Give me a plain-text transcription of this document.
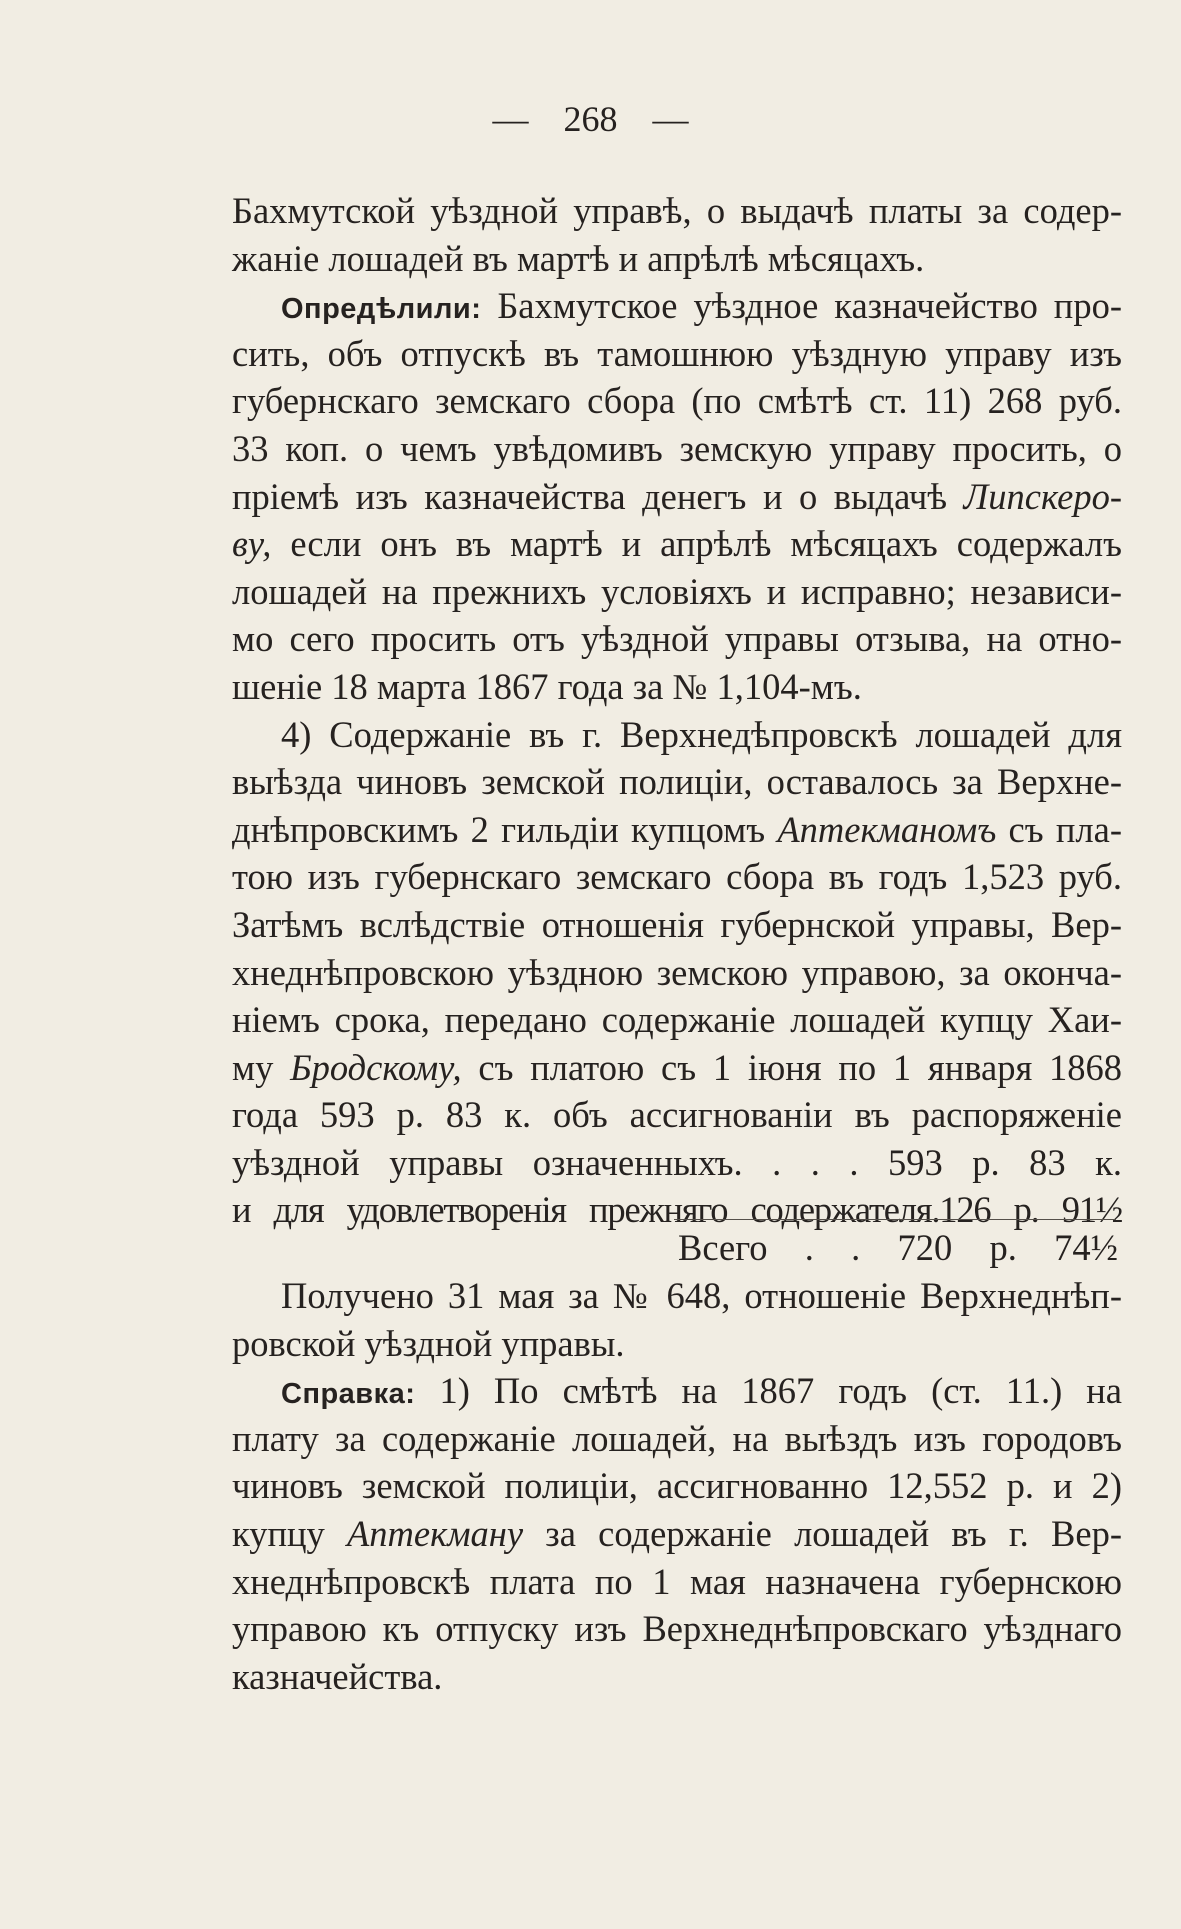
— 268 —

Бахмутской уѣздной управѣ, о выдачѣ платы за содер-
жаніе лошадей въ мартѣ и апрѣлѣ мѣсяцахъ.

Опредѣлили: Бахмутское уѣздное казначейство про-
сить, объ отпускѣ въ тамошнюю уѣздную управу изъ
губернскаго земскаго сбора (по смѣтѣ ст. 11) 268 руб.
33 коп. о чемъ увѣдомивъ земскую управу просить, о
пріемѣ изъ казначейства денегъ и о выдачѣ Липскеро-
ву, если онъ въ мартѣ и апрѣлѣ мѣсяцахъ содержалъ
лошадей на прежнихъ условіяхъ и исправно; независи-
мо сего просить отъ уѣздной управы отзыва, на отно-
шеніе 18 марта 1867 года за № 1,104-мъ.

4) Содержаніе въ г. Верхнедѣпровскѣ лошадей для
выѣзда чиновъ земской полиціи, оставалось за Верхне-
днѣпровскимъ 2 гильдіи купцомъ Аптекманомъ съ пла-
тою изъ губернскаго земскаго сбора въ годъ 1,523 руб.
Затѣмъ вслѣдствіе отношенія губернской управы, Вер-
хнеднѣпровскою уѣздною земскою управою, за оконча-
ніемъ срока, передано содержаніе лошадей купцу Хаи-
му Бродскому, съ платою съ 1 іюня по 1 января 1868
года 593 р. 83 к. объ ассигнованіи въ распоряженіе
уѣздной управы означенныхъ. . . . 593 р. 83 к.
и для удовлетворенія прежняго содержателя.126 р. 91½

Всего . . 720 р. 74½

Получено 31 мая за № 648, отношеніе Верхнеднѣп-
ровской уѣздной управы.

Справка: 1) По смѣтѣ на 1867 годъ (ст. 11.) на
плату за содержаніе лошадей, на выѣздъ изъ городовъ
чиновъ земской полиціи, ассигнованно 12,552 р. и 2)
купцу Аптекману за содержаніе лошадей въ г. Вер-
хнеднѣпровскѣ плата по 1 мая назначена губернскою
управою къ отпуску изъ Верхнеднѣпровскаго уѣзднаго
казначейства.
